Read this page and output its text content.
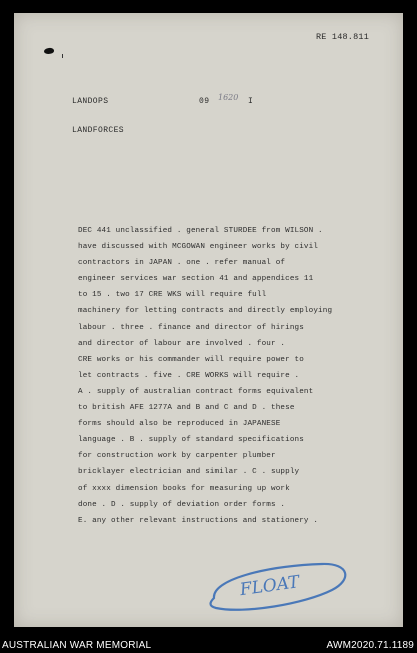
RE 148.811
LANDOPS	09 1620 I
LANDFORCES
DEC 441 unclassified . general STURDEE from WILSON .
have discussed with MCGOWAN engineer works by civil
contractors in JAPAN . one . refer manual of
engineer services war section 41 and appendices 11
to 15 . two 17 CRE WKS will require full
machinery for letting contracts and directly employing
labour . three . finance and director of hirings
and director of labour are involved . four .
CRE works or his commander will require power to
let contracts . five . CRE WORKS will require .
A . supply of australian contract forms equivalent
to british AFE 1277A and B and C and D . these
forms should also be reproduced in JAPANESE
language . B . supply of standard specifications
for construction work by carpenter plumber
bricklayer electrician and similar . C . supply
of xxxx dimension books for measuring up work
done . D . supply of deviation order forms .
E. any other relevant instructions and stationery .
FLOAT
AUSTRALIAN WAR MEMORIAL	AWM2020.71.1189
